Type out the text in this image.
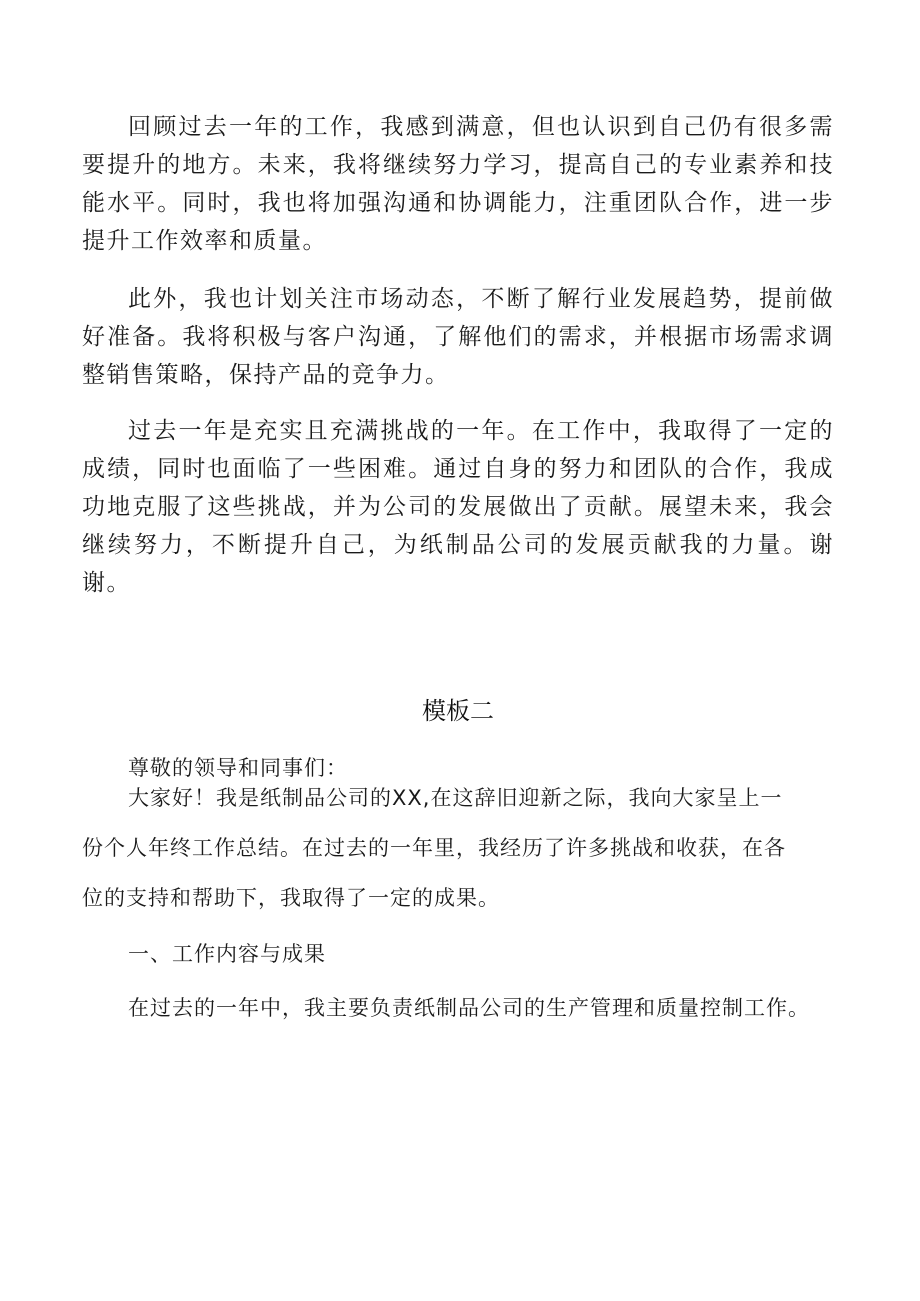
回顾过去一年的工作，我感到满意，但也认识到自己仍有很多需要提升的地方。未来，我将继续努力学习，提高自己的专业素养和技能水平。同时，我也将加强沟通和协调能力，注重团队合作，进一步提升工作效率和质量。

此外，我也计划关注市场动态，不断了解行业发展趋势，提前做好准备。我将积极与客户沟通，了解他们的需求，并根据市场需求调整销售策略，保持产品的竞争力。

过去一年是充实且充满挑战的一年。在工作中，我取得了一定的成绩，同时也面临了一些困难。通过自身的努力和团队的合作，我成功地克服了这些挑战，并为公司的发展做出了贡献。展望未来，我会继续努力，不断提升自己，为纸制品公司的发展贡献我的力量。谢谢。

模板二

尊敬的领导和同事们：

大家好！我是纸制品公司的XX,在这辞旧迎新之际，我向大家呈上一
份个人年终工作总结。在过去的一年里，我经历了许多挑战和收获，在各
位的支持和帮助下，我取得了一定的成果。

一、工作内容与成果

在过去的一年中，我主要负责纸制品公司的生产管理和质量控制工作。
